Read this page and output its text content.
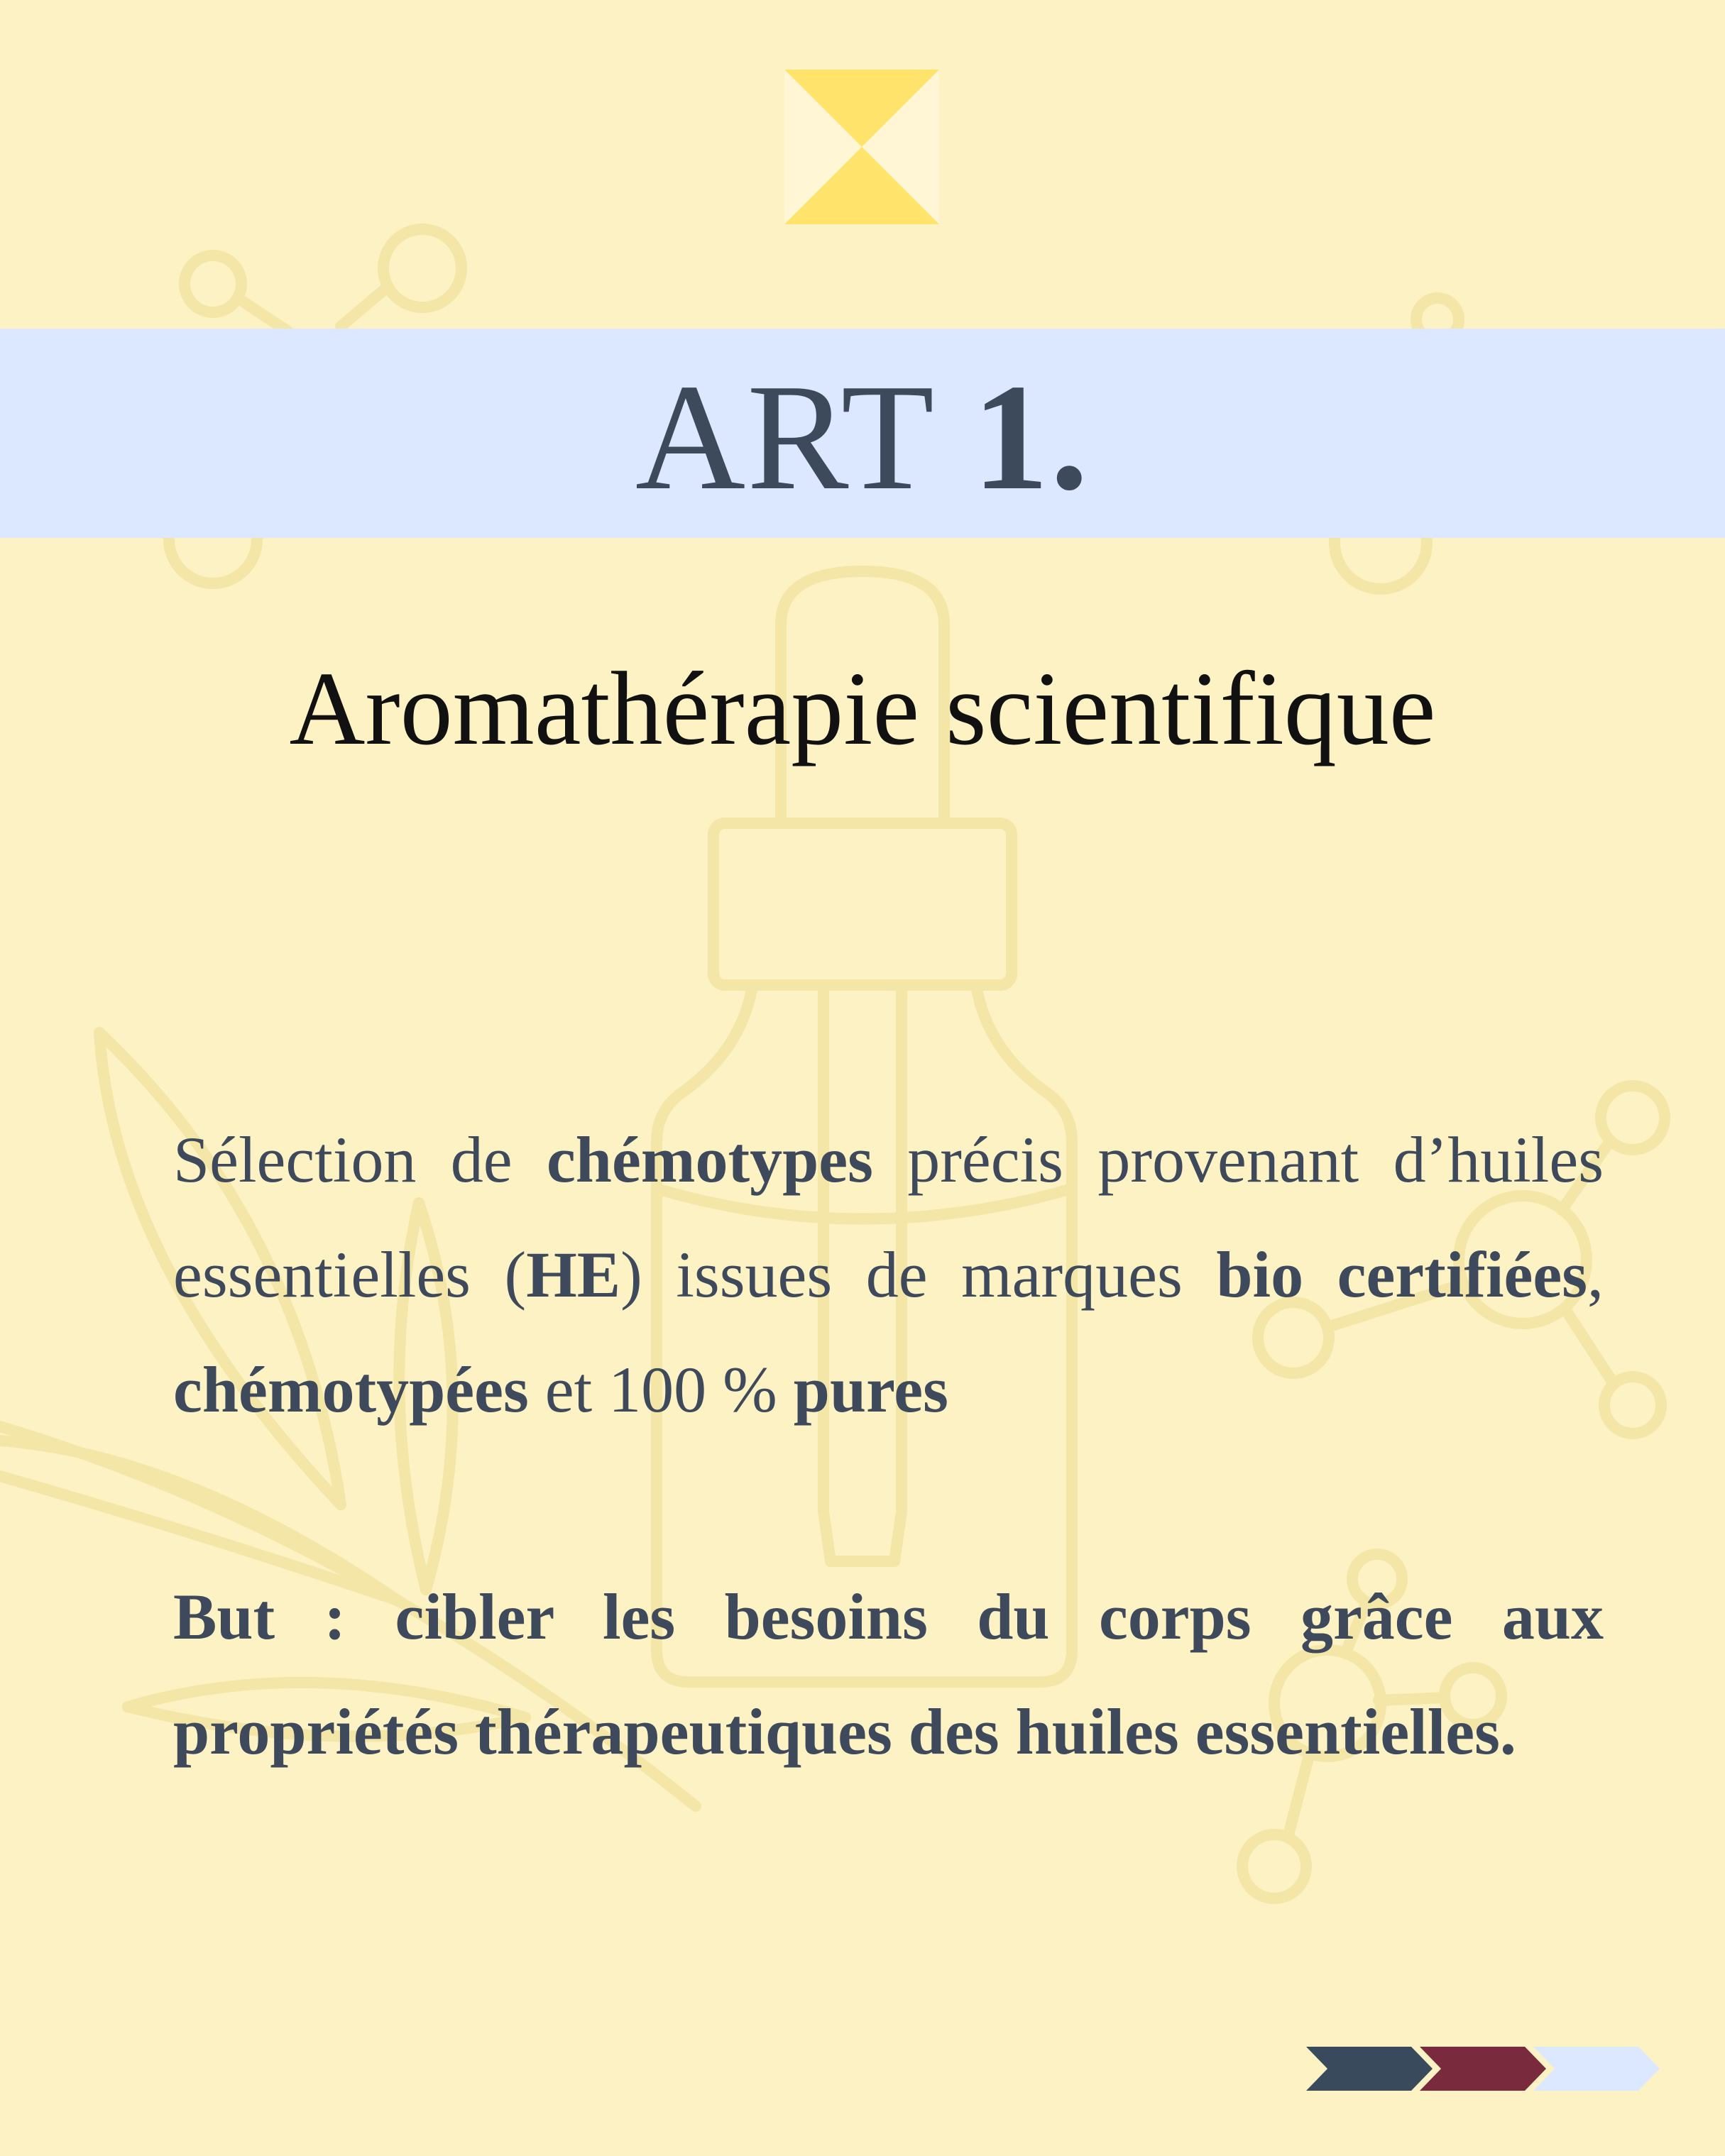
ART 1.
Aromathérapie scientifique
Sélection de chémotypes précis provenant d’huiles essentielles (HE) issues de marques bio certifiées, chémotypées et 100 % pures
But : cibler les besoins du corps grâce aux propriétés thérapeutiques des huiles essentielles.
